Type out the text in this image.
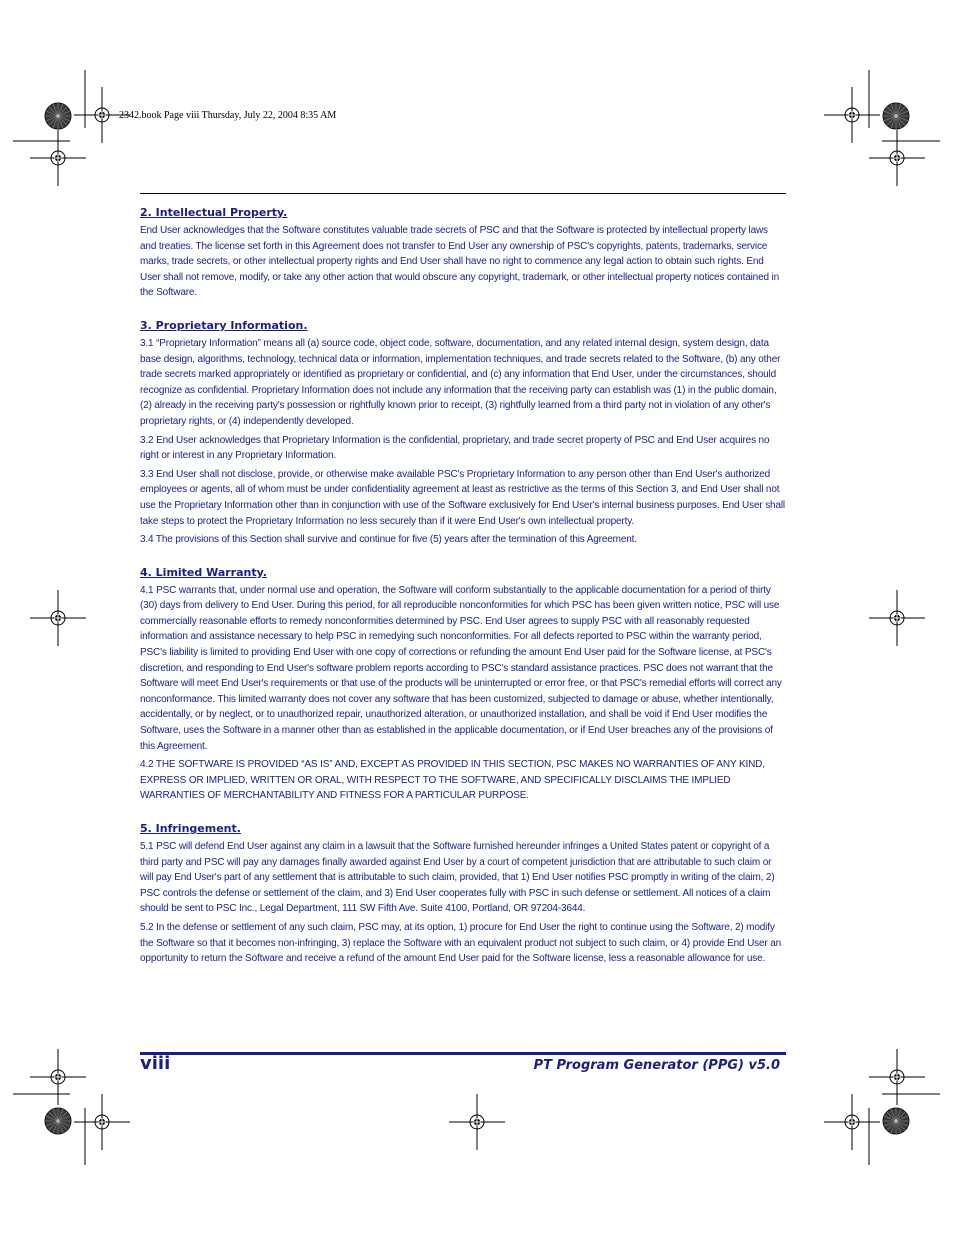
2342.book Page viii Thursday, July 22, 2004 8:35 AM
2. Intellectual Property.

End User acknowledges that the Software constitutes valuable trade secrets of PSC and that the Software is protected by intellectual property laws and treaties. The license set forth in this Agreement does not transfer to End User any ownership of PSC's copyrights, patents, trademarks, service marks, trade secrets, or other intellectual property rights and End User shall have no right to commence any legal action to obtain such rights. End User shall not remove, modify, or take any other action that would obscure any copyright, trademark, or other intellectual property notices contained in the Software.

3. Proprietary Information.

3.1 “Proprietary Information” means all (a) source code, object code, software, documentation, and any related internal design, system design, data base design, algorithms, technology, technical data or information, implementation techniques, and trade secrets related to the Software, (b) any other trade secrets marked appropriately or identified as proprietary or confidential, and (c) any information that End User, under the circumstances, should recognize as confidential. Proprietary Information does not include any information that the receiving party can establish was (1) in the public domain, (2) already in the receiving party's possession or rightfully known prior to receipt, (3) rightfully learned from a third party not in violation of any other's proprietary rights, or (4) independently developed.

3.2 End User acknowledges that Proprietary Information is the confidential, proprietary, and trade secret property of PSC and End User acquires no right or interest in any Proprietary Information.

3.3 End User shall not disclose, provide, or otherwise make available PSC's Proprietary Information to any person other than End User's authorized employees or agents, all of whom must be under confidentiality agreement at least as restrictive as the terms of this Section 3, and End User shall not use the Proprietary Information other than in conjunction with use of the Software exclusively for End User's internal business purposes. End User shall take steps to protect the Proprietary Information no less securely than if it were End User's own intellectual property.

3.4 The provisions of this Section shall survive and continue for five (5) years after the termination of this Agreement.

4. Limited Warranty.

4.1 PSC warrants that, under normal use and operation, the Software will conform substantially to the applicable documentation for a period of thirty (30) days from delivery to End User. During this period, for all reproducible nonconformities for which PSC has been given written notice, PSC will use commercially reasonable efforts to remedy nonconformities determined by PSC. End User agrees to supply PSC with all reasonably requested information and assistance necessary to help PSC in remedying such nonconformities. For all defects reported to PSC within the warranty period, PSC's liability is limited to providing End User with one copy of corrections or refunding the amount End User paid for the Software license, at PSC's discretion, and responding to End User's software problem reports according to PSC's standard assistance practices. PSC does not warrant that the Software will meet End User's requirements or that use of the products will be uninterrupted or error free, or that PSC's remedial efforts will correct any nonconformance. This limited warranty does not cover any software that has been customized, subjected to damage or abuse, whether intentionally, accidentally, or by neglect, or to unauthorized repair, unauthorized alteration, or unauthorized installation, and shall be void if End User modifies the Software, uses the Software in a manner other than as established in the applicable documentation, or if End User breaches any of the provisions of this Agreement.

4.2 THE SOFTWARE IS PROVIDED “AS IS” AND, EXCEPT AS PROVIDED IN THIS SECTION, PSC MAKES NO WARRANTIES OF ANY KIND, EXPRESS OR IMPLIED, WRITTEN OR ORAL, WITH RESPECT TO THE SOFTWARE, AND SPECIFICALLY DISCLAIMS THE IMPLIED WARRANTIES OF MERCHANTABILITY AND FITNESS FOR A PARTICULAR PURPOSE.

5. Infringement.

5.1 PSC will defend End User against any claim in a lawsuit that the Software furnished hereunder infringes a United States patent or copyright of a third party and PSC will pay any damages finally awarded against End User by a court of competent jurisdiction that are attributable to such claim or will pay End User's part of any settlement that is attributable to such claim, provided, that 1) End User notifies PSC promptly in writing of the claim, 2) PSC controls the defense or settlement of the claim, and 3) End User cooperates fully with PSC in such defense or settlement. All notices of a claim should be sent to PSC Inc., Legal Department, 111 SW Fifth Ave. Suite 4100, Portland, OR 97204-3644.

5.2 In the defense or settlement of any such claim, PSC may, at its option, 1) procure for End User the right to continue using the Software, 2) modify the Software so that it becomes non-infringing, 3) replace the Software with an equivalent product not subject to such claim, or 4) provide End User an opportunity to return the Software and receive a refund of the amount End User paid for the Software license, less a reasonable allowance for use.

viii	PT Program Generator (PPG) v5.0
